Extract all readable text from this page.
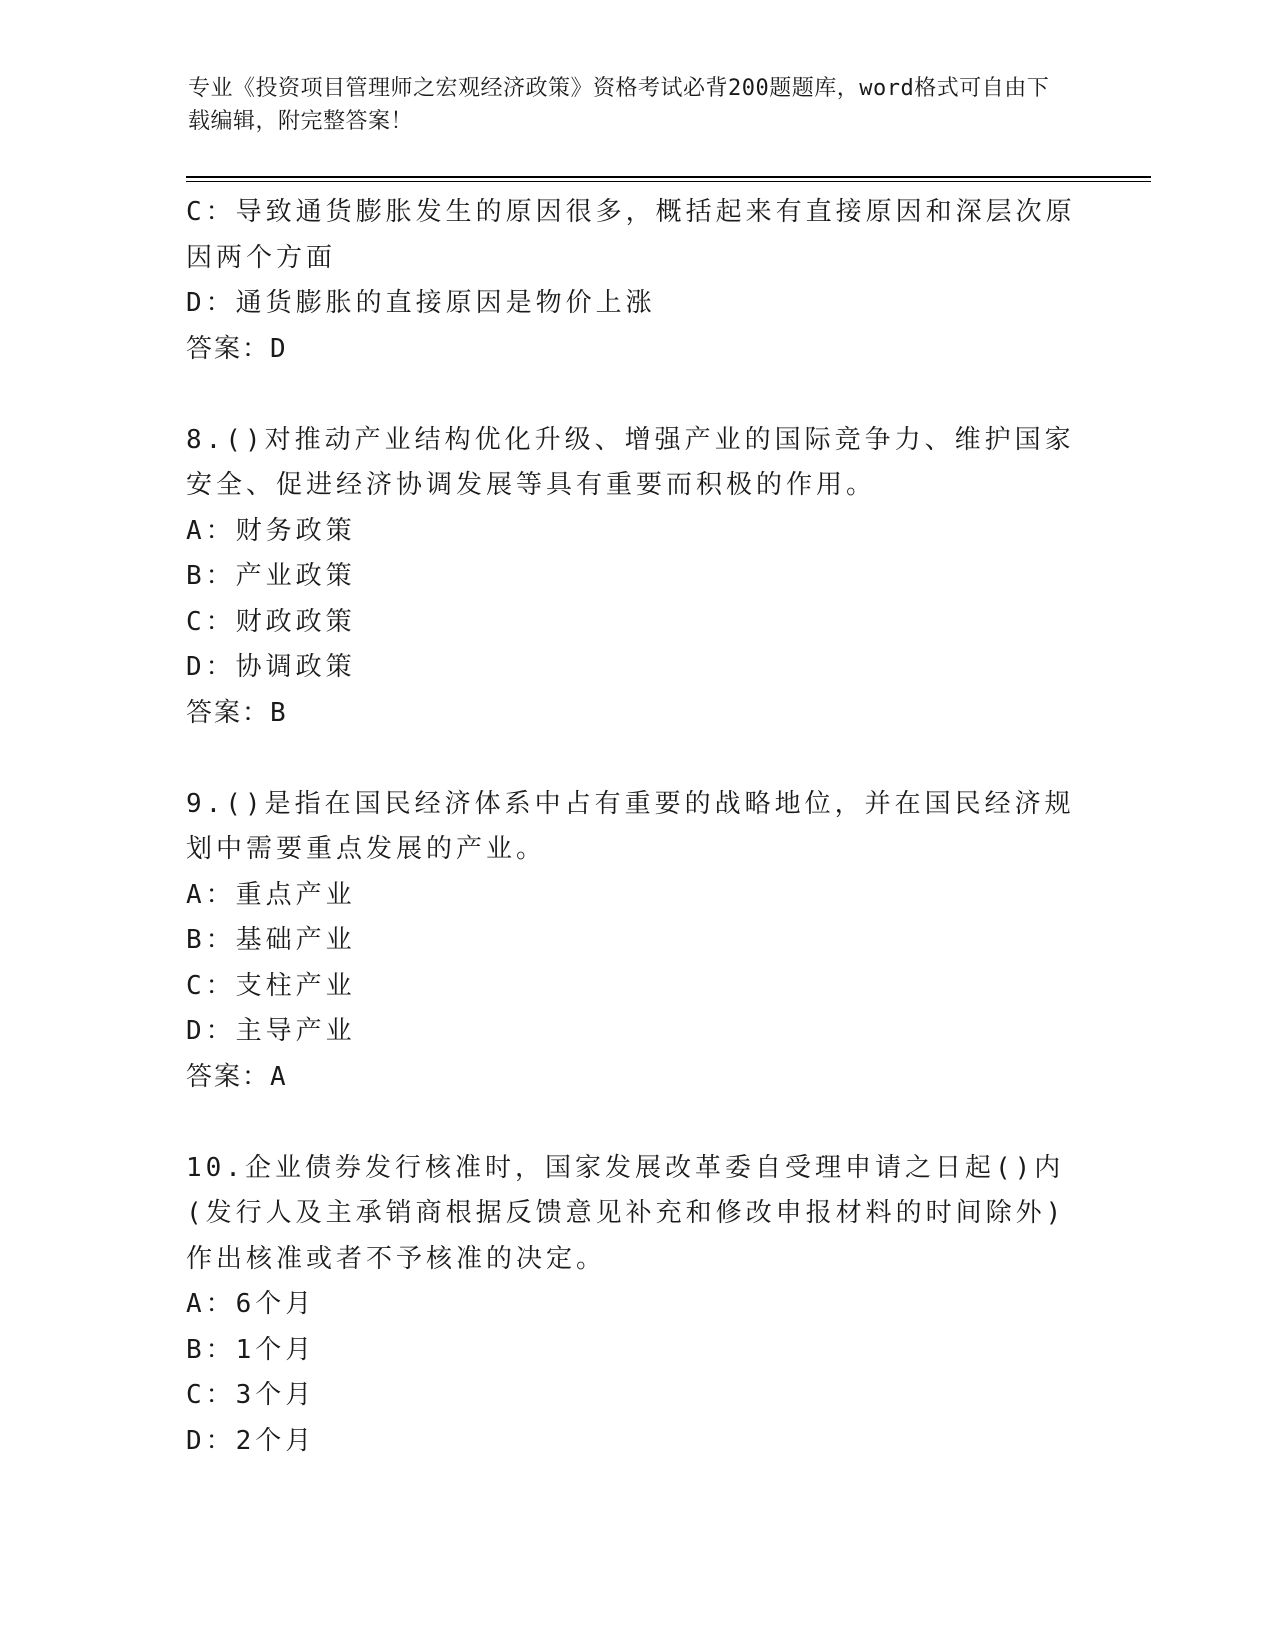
专业《投资项目管理师之宏观经济政策》资格考试必背200题题库，word格式可自由下载编辑，附完整答案！

C：导致通货膨胀发生的原因很多，概括起来有直接原因和深层次原因两个方面

D：通货膨胀的直接原因是物价上涨

答案：D

8.()对推动产业结构优化升级、增强产业的国际竞争力、维护国家安全、促进经济协调发展等具有重要而积极的作用。

A：财务政策

B：产业政策

C：财政政策

D：协调政策

答案：B

9.()是指在国民经济体系中占有重要的战略地位，并在国民经济规划中需要重点发展的产业。

A：重点产业

B：基础产业

C：支柱产业

D：主导产业

答案：A

10.企业债券发行核准时，国家发展改革委自受理申请之日起()内(发行人及主承销商根据反馈意见补充和修改申报材料的时间除外)作出核准或者不予核准的决定。

A：6个月

B：1个月

C：3个月

D：2个月
